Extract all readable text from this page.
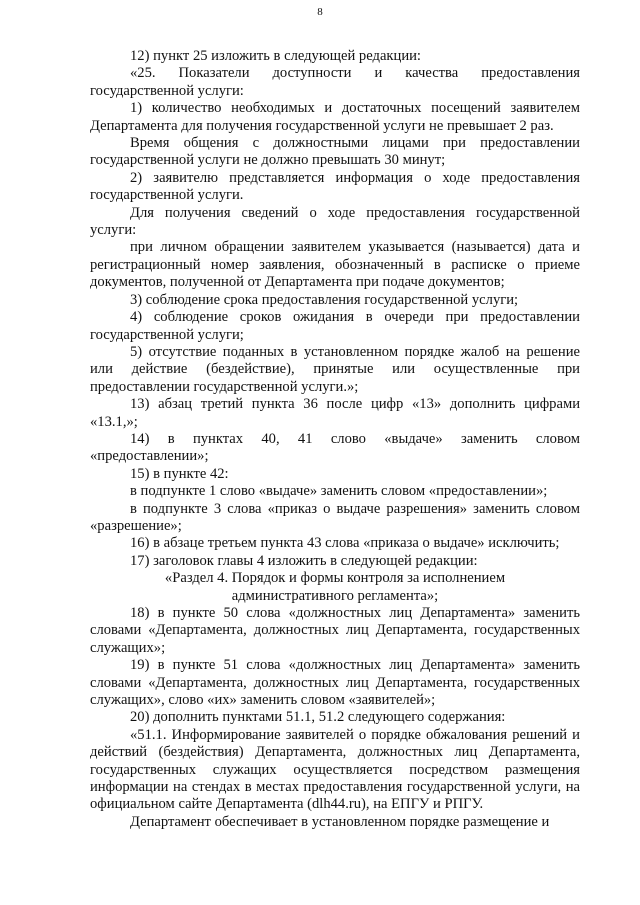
8

12) пункт 25 изложить в следующей редакции:

«25. Показатели доступности и качества предоставления государственной услуги:

1) количество необходимых и достаточных посещений заявителем Департамента для получения государственной услуги не превышает 2 раз.

Время общения с должностными лицами при предоставлении государственной услуги не должно превышать 30 минут;

2) заявителю представляется информация о ходе предоставления государственной услуги.

Для получения сведений о ходе предоставления государственной услуги:

при личном обращении заявителем указывается (называется) дата и регистрационный номер заявления, обозначенный в расписке о приеме документов, полученной от Департамента при подаче документов;

3) соблюдение срока предоставления государственной услуги;

4) соблюдение сроков ожидания в очереди при предоставлении государственной услуги;

5) отсутствие поданных в установленном порядке жалоб на решение или действие (бездействие), принятые или осуществленные при предоставлении государственной услуги.»;

13) абзац третий пункта 36 после цифр «13» дополнить цифрами «13.1,»;

14) в пунктах 40, 41 слово «выдаче» заменить словом «предоставлении»;

15) в пункте 42:

в подпункте 1 слово «выдаче» заменить словом «предоставлении»;

в подпункте 3 слова «приказ о выдаче разрешения» заменить словом «разрешение»;

16) в абзаце третьем пункта 43 слова «приказа о выдаче» исключить;

17) заголовок главы 4 изложить в следующей редакции:

«Раздел 4. Порядок и формы контроля за исполнением административного регламента»;

18) в пункте 50 слова «должностных лиц Департамента» заменить словами «Департамента, должностных лиц Департамента, государственных служащих»;

19) в пункте 51 слова «должностных лиц Департамента» заменить словами «Департамента, должностных лиц Департамента, государственных служащих», слово «их» заменить словом «заявителей»;

20) дополнить пунктами 51.1, 51.2 следующего содержания:

«51.1. Информирование заявителей о порядке обжалования решений и действий (бездействия) Департамента, должностных лиц Департамента, государственных служащих осуществляется посредством размещения информации на стендах в местах предоставления государственной услуги, на официальном сайте Департамента (dlh44.ru), на ЕПГУ и РПГУ.

Департамент обеспечивает в установленном порядке размещение и
